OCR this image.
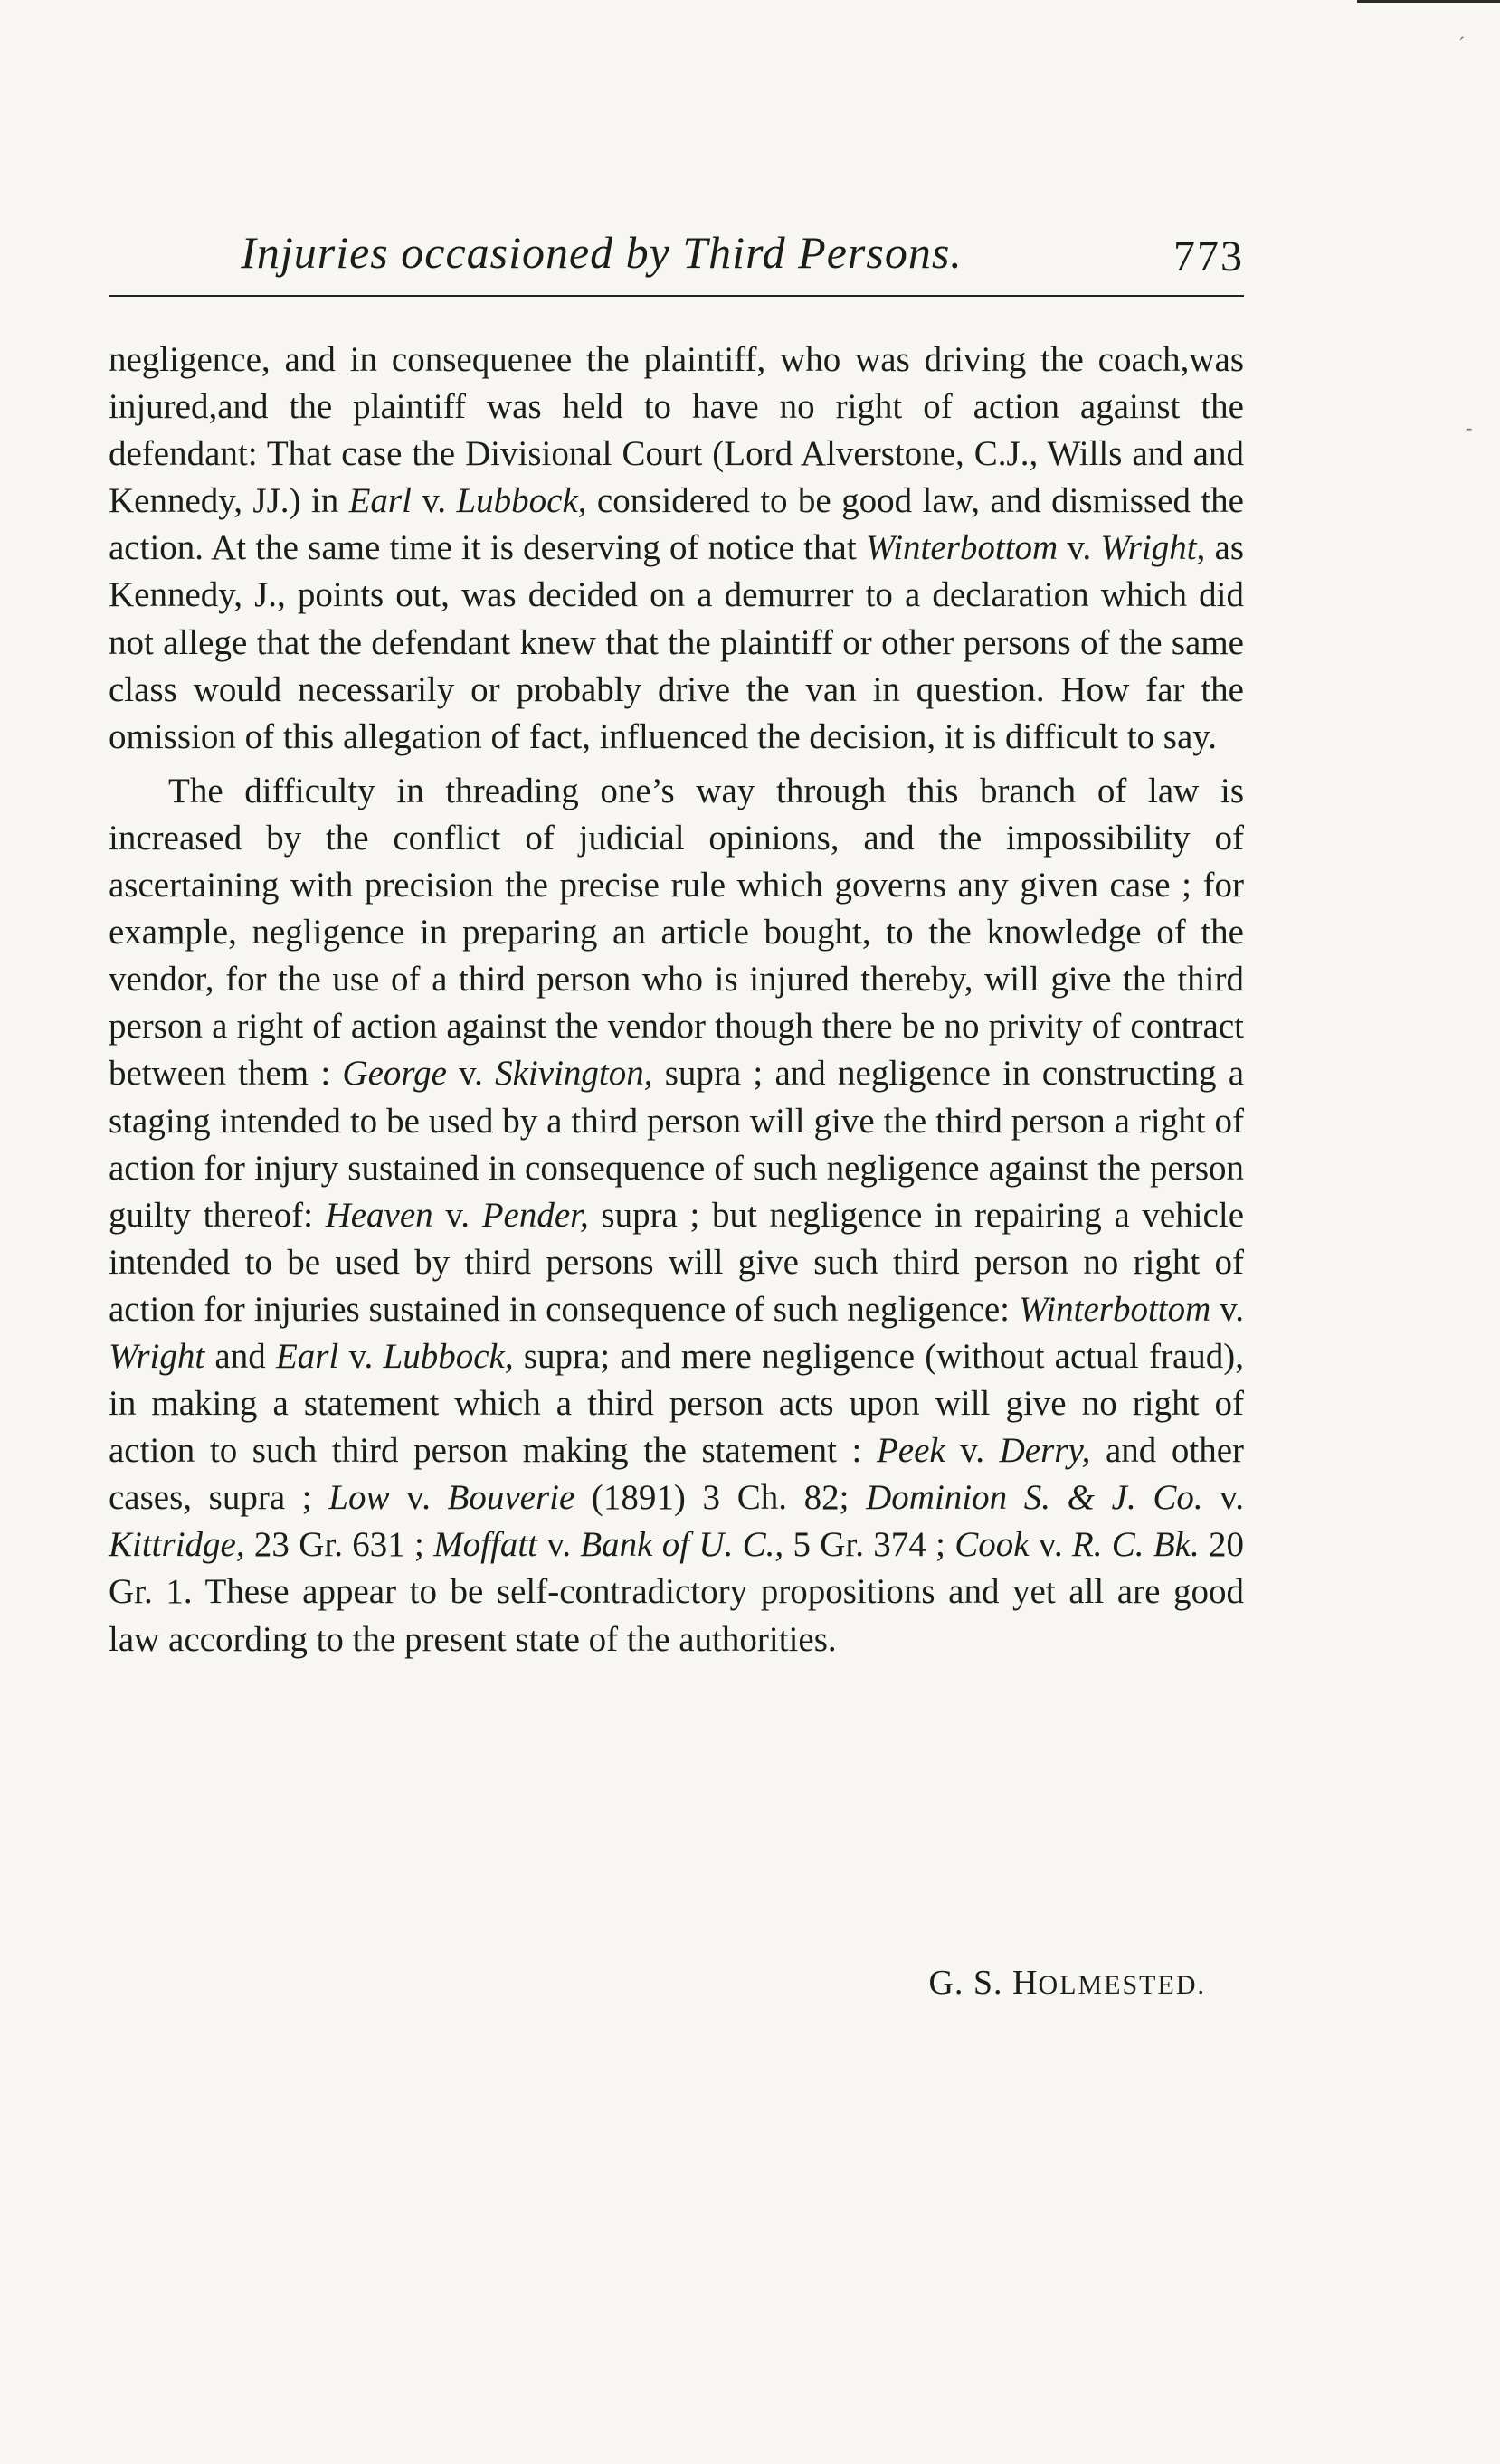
´
-
Injuries occasioned by Third Persons.	773

negligence, and in consequenee the plaintiff, who was driving the coach,was injured,and the plaintiff was held to have no right of action against the defendant: That case the Divisional Court (Lord Alverstone, C.J., Wills and and Kennedy, JJ.) in Earl v. Lubbock, considered to be good law, and dismissed the action. At the same time it is deserving of notice that Winterbottom v. Wright, as Kennedy, J., points out, was decided on a demurrer to a declaration which did not allege that the defendant knew that the plaintiff or other persons of the same class would necessarily or probably drive the van in question. How far the omission of this allegation of fact, influenced the decision, it is difficult to say.

The difficulty in threading one’s way through this branch of law is increased by the conflict of judicial opinions, and the impossibility of ascertaining with precision the precise rule which governs any given case ; for example, negligence in preparing an article bought, to the knowledge of the vendor, for the use of a third person who is injured thereby, will give the third person a right of action against the vendor though there be no privity of contract between them : George v. Skivington, supra ; and negligence in constructing a staging intended to be used by a third person will give the third person a right of action for injury sustained in consequence of such negligence against the person guilty thereof: Heaven v. Pender, supra ; but negligence in repairing a vehicle intended to be used by third persons will give such third person no right of action for injuries sustained in consequence of such negligence: Winterbottom v. Wright and Earl v. Lubbock, supra; and mere negligence (without actual fraud), in making a statement which a third person acts upon will give no right of action to such third person making the statement : Peek v. Derry, and other cases, supra ; Low v. Bouverie (1891) 3 Ch. 82; Dominion S. & J. Co. v. Kittridge, 23 Gr. 631 ; Moffatt v. Bank of U. C., 5 Gr. 374 ; Cook v. R. C. Bk. 20 Gr. 1. These appear to be self-contradictory propositions and yet all are good law according to the present state of the authorities.

G. S. HOLMESTED.
